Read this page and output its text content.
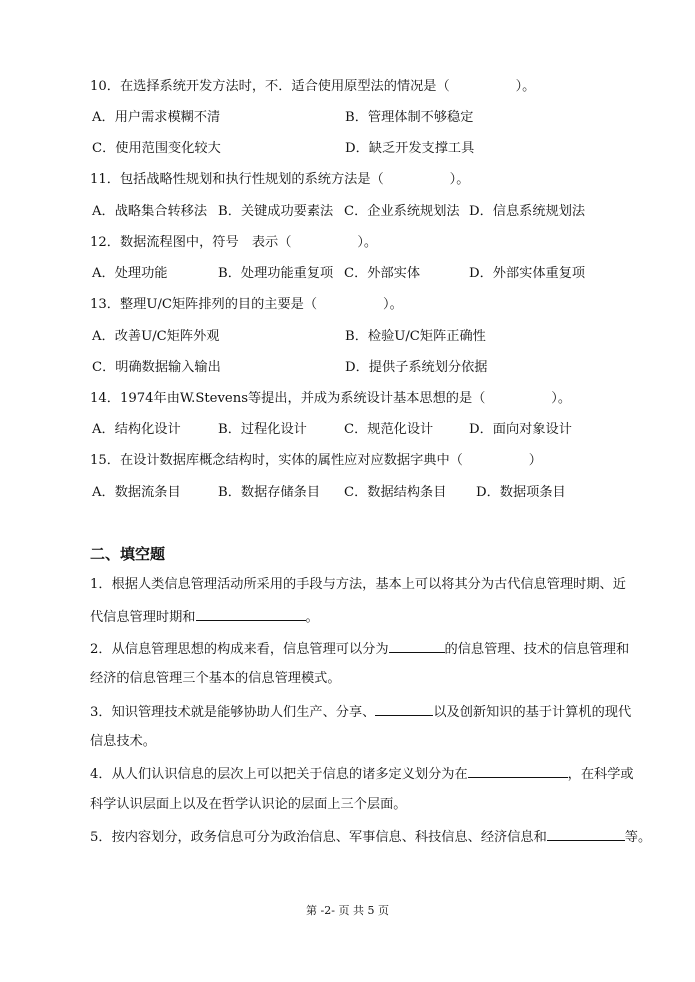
10．在选择系统开发方法时，不．适合使用原型法的情况是（　　　　　）。
A．用户需求模糊不清	B．管理体制不够稳定
C．使用范围变化较大	D．缺乏开发支撑工具
11．包括战略性规划和执行性规划的系统方法是（　　　　　）。
A．战略集合转移法 B．关键成功要素法 C．企业系统规划法 D．信息系统规划法
12．数据流程图中，符号　表示（　　　　　）。
A．处理功能	B．处理功能重复项 C．外部实体	D．外部实体重复项
13．整理U/C矩阵排列的目的主要是（　　　　　）。
A．改善U/C矩阵外观	B．检验U/C矩阵正确性
C．明确数据输入输出	D．提供子系统划分依据
14．1974年由W.Stevens等提出，并成为系统设计基本思想的是（　　　　　）。
A．结构化设计	B．过程化设计	C．规范化设计	D．面向对象设计
15．在设计数据库概念结构时，实体的属性应对应数据字典中（　　　　　）
A．数据流条目	B．数据存储条目 C．数据结构条目 D．数据项条目
二、填空题
1．根据人类信息管理活动所采用的手段与方法，基本上可以将其分为古代信息管理时期、近
代信息管理时期和	。
2．从信息管理思想的构成来看，信息管理可以分为	的信息管理、技术的信息管理和
经济的信息管理三个基本的信息管理模式。
3．知识管理技术就是能够协助人们生产、分享、	以及创新知识的基于计算机的现代
信息技术。
4．从人们认识信息的层次上可以把关于信息的诸多定义划分为在	，在科学或
科学认识层面上以及在哲学认识论的层面上三个层面。
5．按内容划分，政务信息可分为政治信息、军事信息、科技信息、经济信息和	等。
第 -2- 页 共 5 页
